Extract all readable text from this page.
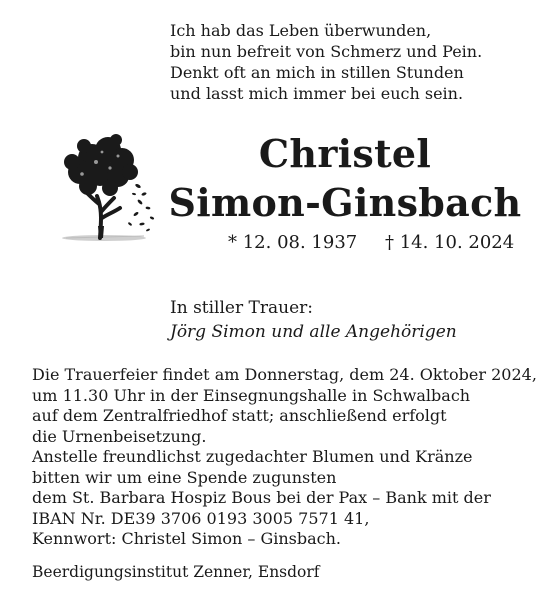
Ich hab das Leben überwunden,
bin nun befreit von Schmerz und Pein.
Denkt oft an mich in stillen Stunden
und lasst mich immer bei euch sein.
Christel
Simon-Ginsbach
* 12. 08. 1937 † 14. 10. 2024
In stiller Trauer:
Jörg Simon und alle Angehörigen
Die Trauerfeier findet am Donnerstag, dem 24. Oktober 2024,
um 11.30 Uhr in der Einsegnungshalle in Schwalbach
auf dem Zentralfriedhof statt; anschließend erfolgt
die Urnenbeisetzung.
Anstelle freundlichst zugedachter Blumen und Kränze
bitten wir um eine Spende zugunsten
dem St. Barbara Hospiz Bous bei der Pax – Bank mit der
IBAN Nr. DE39 3706 0193 3005 7571 41,
Kennwort: Christel Simon – Ginsbach.
Beerdigungsinstitut Zenner, Ensdorf
